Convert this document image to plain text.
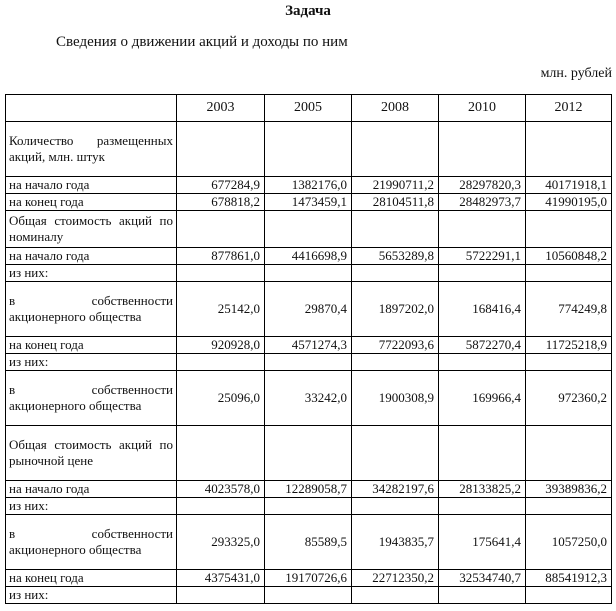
Задача
Сведения о движении акций и доходы по ним
млн. рублей
	2003	2005	2008	2010	2012
Количество размещенных акций, млн. штук					
на начало года	677284,9	1382176,0	21990711,2	28297820,3	40171918,1
на конец года	678818,2	1473459,1	28104511,8	28482973,7	41990195,0
Общая стоимость акций по номиналу					
на начало года	877861,0	4416698,9	5653289,8	5722291,1	10560848,2
из них:					
в собственности акционерного общества	25142,0	29870,4	1897202,0	168416,4	774249,8
на конец года	920928,0	4571274,3	7722093,6	5872270,4	11725218,9
из них:					
в собственности акционерного общества	25096,0	33242,0	1900308,9	169966,4	972360,2
Общая стоимость акций по рыночной цене					
на начало года	4023578,0	12289058,7	34282197,6	28133825,2	39389836,2
из них:					
в собственности акционерного общества	293325,0	85589,5	1943835,7	175641,4	1057250,0
на конец года	4375431,0	19170726,6	22712350,2	32534740,7	88541912,3
из них:					
